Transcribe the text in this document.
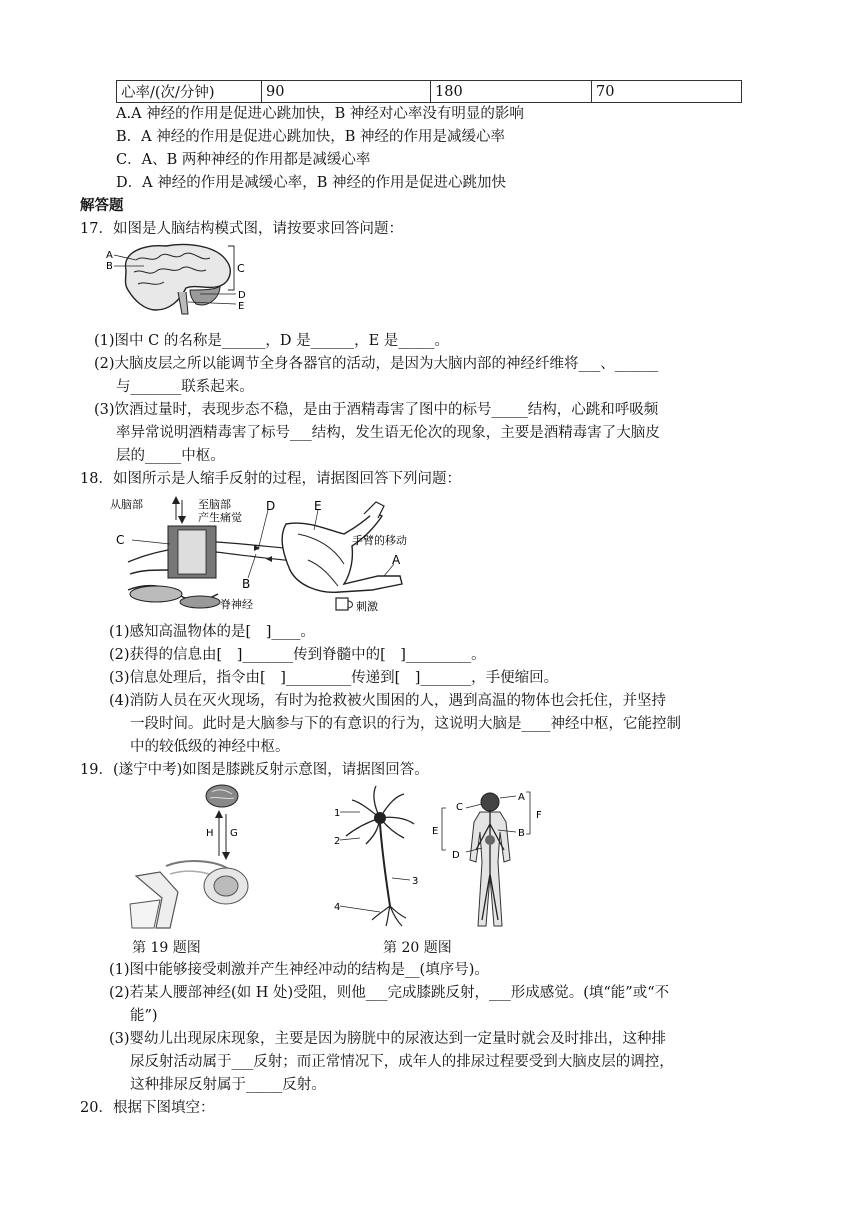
心率/(次/分钟)	90	180	70
A.A 神经的作用是促进心跳加快，B 神经对心率没有明显的影响
B．A 神经的作用是促进心跳加快，B 神经的作用是减缓心率
C．A、B 两种神经的作用都是减缓心率
D．A 神经的作用是减缓心率，B 神经的作用是促进心跳加快
解答题
17．如图是人脑结构模式图，请按要求回答问题：
A
B	C
D
E
(1)图中 C 的名称是______，D 是______，E 是_____。
(2)大脑皮层之所以能调节全身各器官的活动，是因为大脑内部的神经纤维将___、______
与_______联系起来。
(3)饮酒过量时，表现步态不稳，是由于酒精毒害了图中的标号_____结构，心跳和呼吸频
率异常说明酒精毒害了标号___结构，发生语无伦次的现象，主要是酒精毒害了大脑皮
层的_____中枢。
18．如图所示是人缩手反射的过程，请据图回答下列问题：
从脑部	至脑部
产生痛觉
C
D	E
手臂的移动
B
A
脊神经	刺激
(1)感知高温物体的是[　]____。
(2)获得的信息由[　]_______传到脊髓中的[　]_________。
(3)信息处理后，指令由[　]_________传递到[　]_______，手便缩回。
(4)消防人员在灭火现场，有时为抢救被火围困的人，遇到高温的物体也会托住，并坚持
一段时间。此时是大脑参与下的有意识的行为，这说明大脑是____神经中枢，它能控制
中的较低级的神经中枢。
19．(遂宁中考)如图是膝跳反射示意图，请据图回答。
H G
1
2
3
4
C
A
B
E
F
D
第 19 题图	第 20 题图
(1)图中能够接受刺激并产生神经冲动的结构是__(填序号)。
(2)若某人腰部神经(如 H 处)受阻，则他___完成膝跳反射，___形成感觉。(填“能”或“不
能”)
(3)婴幼儿出现尿床现象，主要是因为膀胱中的尿液达到一定量时就会及时排出，这种排
尿反射活动属于___反射；而正常情况下，成年人的排尿过程要受到大脑皮层的调控，
这种排尿反射属于_____反射。
20．根据下图填空：
